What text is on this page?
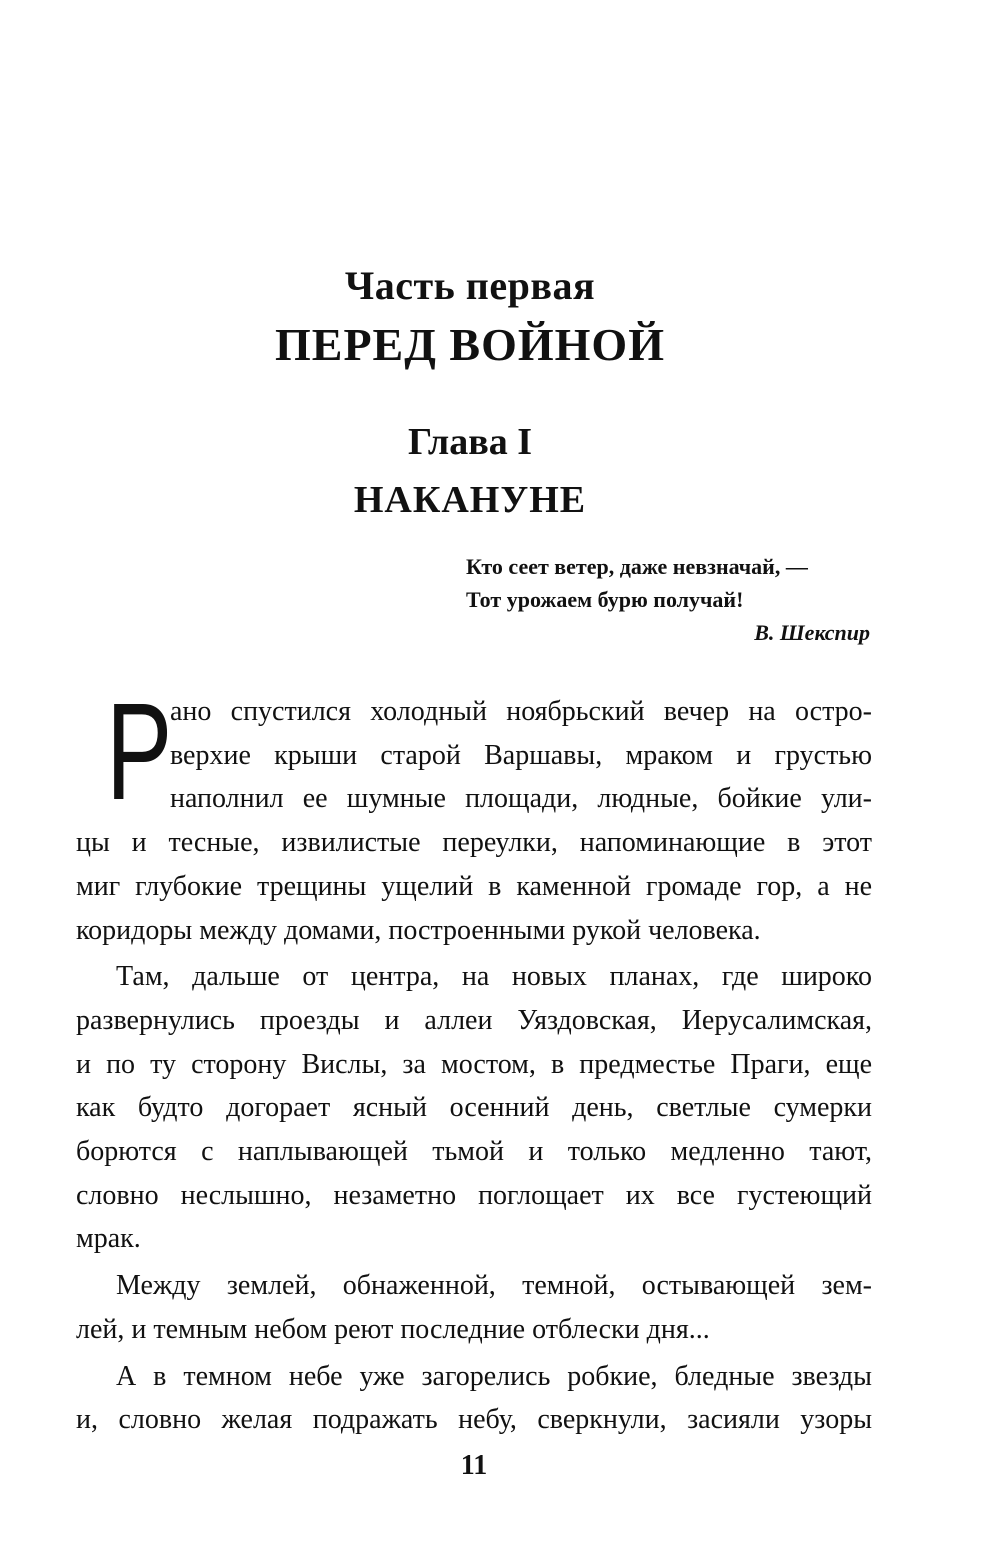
Часть первая
ПЕРЕД ВОЙНОЙ
Глава I
НАКАНУНЕ
Кто сеет ветер, даже невзначай, —
Тот урожаем бурю получай!
В. Шекспир
Р
ано спустился холодный ноябрьский вечер на остро-
верхие крыши старой Варшавы, мраком и грустью
наполнил ее шумные площади, людные, бойкие ули-
цы и тесные, извилистые переулки, напоминающие в этот
миг глубокие трещины ущелий в каменной громаде гор, а не
коридоры между домами, построенными рукой человека.
Там, дальше от центра, на новых планах, где широко
развернулись проезды и аллеи Уяздовская, Иерусалимская,
и по ту сторону Вислы, за мостом, в предместье Праги, еще
как будто догорает ясный осенний день, светлые сумерки
борются с наплывающей тьмой и только медленно тают,
словно неслышно, незаметно поглощает их все густеющий
мрак.
Между землей, обнаженной, темной, остывающей зем-
лей, и темным небом реют последние отблески дня...
А в темном небе уже загорелись робкие, бледные звезды
и, словно желая подражать небу, сверкнули, засияли узоры
11
